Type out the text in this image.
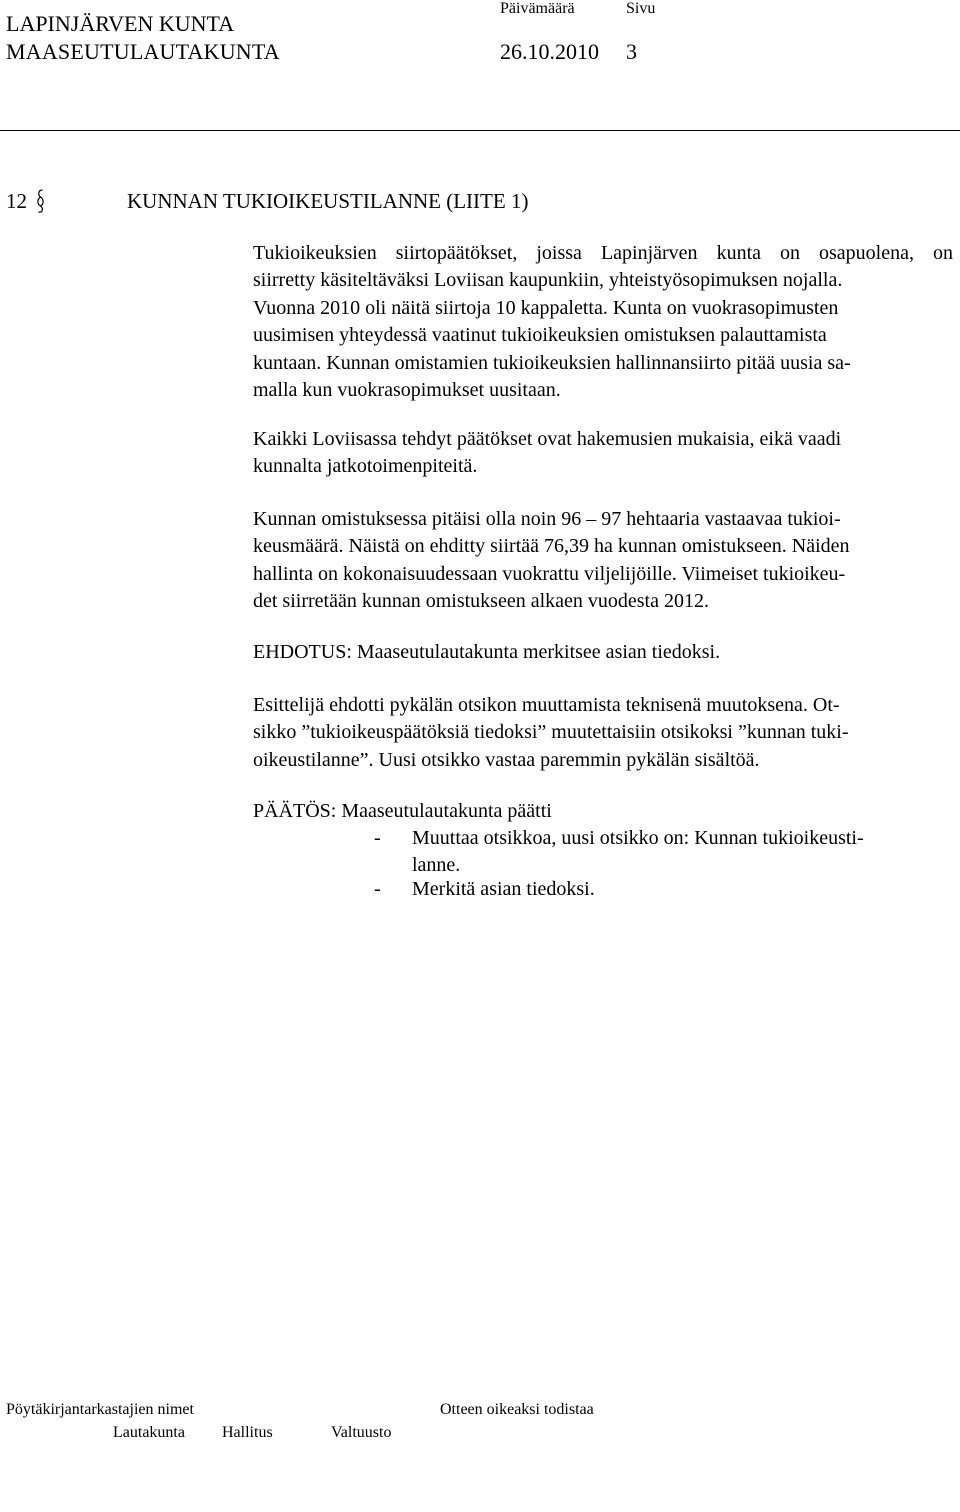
LAPINJÄRVEN KUNTA
MAASEUTULAUTAKUNTA
Päivämäärä	Sivu
26.10.2010 3
12	KUNNAN TUKIOIKEUSTILANNE (LIITE 1)
Tukioikeuksien siirtopäätökset, joissa Lapinjärven kunta on osapuolena, on
siirretty käsiteltäväksi Loviisan kaupunkiin, yhteistyösopimuksen nojalla.
Vuonna 2010 oli näitä siirtoja 10 kappaletta. Kunta on vuokrasopimusten
uusimisen yhteydessä vaatinut tukioikeuksien omistuksen palauttamista
kuntaan. Kunnan omistamien tukioikeuksien hallinnansiirto pitää uusia sa-
malla kun vuokrasopimukset uusitaan.
Kaikki Loviisassa tehdyt päätökset ovat hakemusien mukaisia, eikä vaadi
kunnalta jatkotoimenpiteitä.
Kunnan omistuksessa pitäisi olla noin 96 – 97 hehtaaria vastaavaa tukioi-
keusmäärä. Näistä on ehditty siirtää 76,39 ha kunnan omistukseen. Näiden
hallinta on kokonaisuudessaan vuokrattu viljelijöille. Viimeiset tukioikeu-
det siirretään kunnan omistukseen alkaen vuodesta 2012.
EHDOTUS: Maaseutulautakunta merkitsee asian tiedoksi.
Esittelijä ehdotti pykälän otsikon muuttamista teknisenä muutoksena. Ot-
sikko ”tukioikeuspäätöksiä tiedoksi” muutettaisiin otsikoksi ”kunnan tuki-
oikeustilanne”. Uusi otsikko vastaa paremmin pykälän sisältöä.
PÄÄTÖS: Maaseutulautakunta päätti
- Muuttaa otsikkoa, uusi otsikko on: Kunnan tukioikeusti-
lanne.
- Merkitä asian tiedoksi.
Pöytäkirjantarkastajien nimet	Otteen oikeaksi todistaa
Lautakunta Hallitus	Valtuusto
